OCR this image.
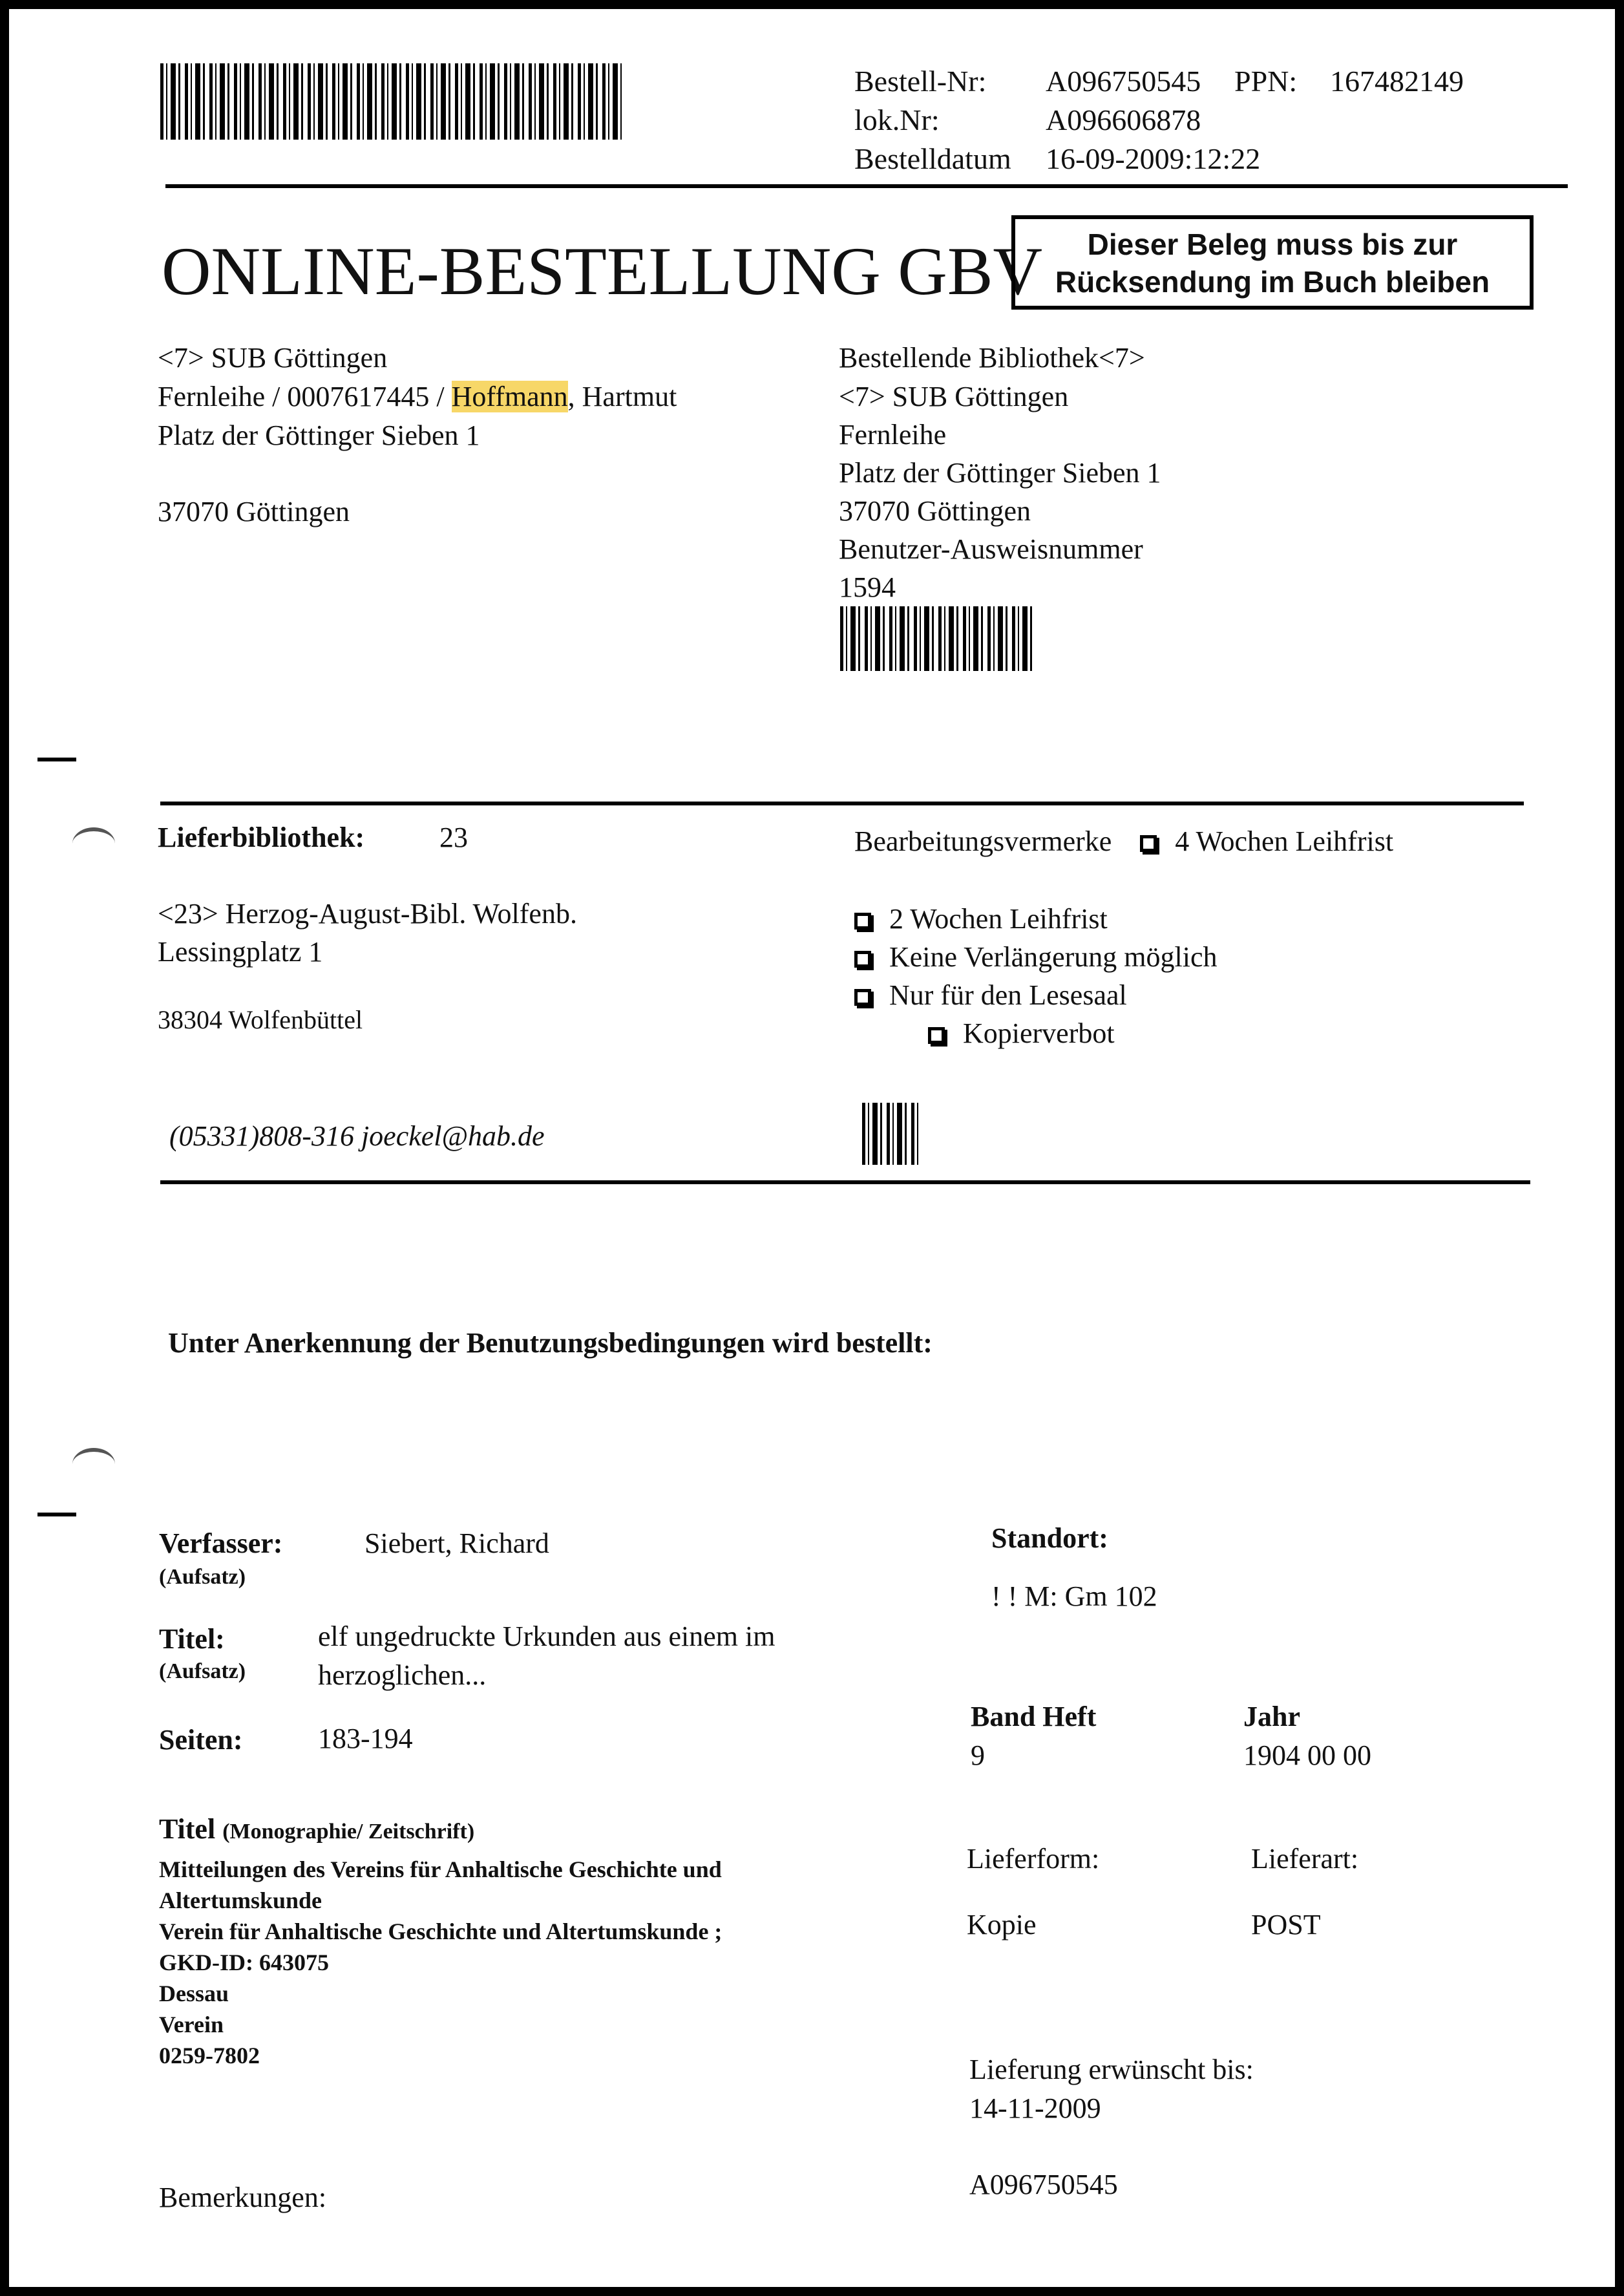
Bestell-Nr: A096750545 PPN: 167482149
lok.Nr:	A096606878
Bestelldatum 16-09-2009:12:22
ONLINE-BESTELLUNG GBV	Dieser Beleg muss bis zur
Rücksendung im Buch bleiben
<7> SUB Göttingen
Fernleihe / 0007617445 / Hoffmann, Hartmut
Platz der Göttinger Sieben 1
37070 Göttingen
Bestellende Bibliothek<7>
<7> SUB Göttingen
Fernleihe
Platz der Göttinger Sieben 1
37070 Göttingen
Benutzer-Ausweisnummer
1594
Lieferbibliothek:	23
<23> Herzog-August-Bibl. Wolfenb.
Lessingplatz 1
38304 Wolfenbüttel
(05331)808-316 joeckel@hab.de
Bearbeitungsvermerke 4 Wochen Leihfrist
2 Wochen Leihfrist
Keine Verlängerung möglich
Nur für den Lesesaal
Kopierverbot
Unter Anerkennung der Benutzungsbedingungen wird bestellt:
Verfasser:
(Aufsatz)
Siebert, Richard
Titel:
(Aufsatz)
elf ungedruckte Urkunden aus einem im
herzoglichen...
Seiten:	183-194
Titel (Monographie/ Zeitschrift)
Mitteilungen des Vereins für Anhaltische Geschichte und
Altertumskunde
Verein für Anhaltische Geschichte und Altertumskunde ;
GKD-ID: 643075
Dessau
Verein
0259-7802
Bemerkungen:
Standort:
! ! M: Gm 102
Band Heft
9
Jahr
1904 00 00
Lieferform:
Kopie
Lieferart:
POST
Lieferung erwünscht bis:
14-11-2009
A096750545
